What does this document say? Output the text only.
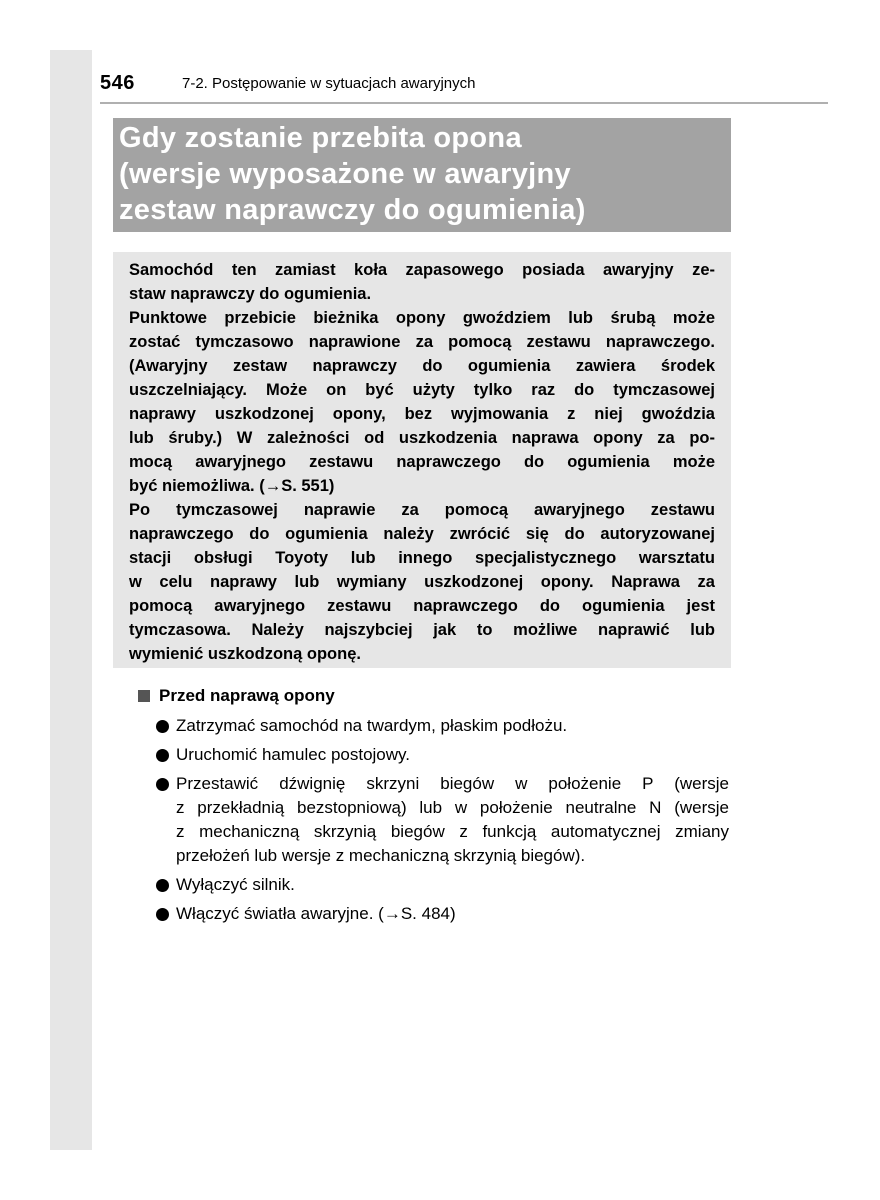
546	7-2. Postępowanie w sytuacjach awaryjnych
Gdy zostanie przebita opona
(wersje wyposażone w awaryjny
zestaw naprawczy do ogumienia)
Samochód ten zamiast koła zapasowego posiada awaryjny ze-
staw naprawczy do ogumienia.
Punktowe przebicie bieżnika opony gwoździem lub śrubą może
zostać tymczasowo naprawione za pomocą zestawu naprawczego.
(Awaryjny zestaw naprawczy do ogumienia zawiera środek
uszczelniający. Może on być użyty tylko raz do tymczasowej
naprawy uszkodzonej opony, bez wyjmowania z niej gwoździa
lub śruby.) W zależności od uszkodzenia naprawa opony za po-
mocą awaryjnego zestawu naprawczego do ogumienia może
być niemożliwa. (→S. 551)
Po tymczasowej naprawie za pomocą awaryjnego zestawu
naprawczego do ogumienia należy zwrócić się do autoryzowanej
stacji obsługi Toyoty lub innego specjalistycznego warsztatu
w celu naprawy lub wymiany uszkodzonej opony. Naprawa za
pomocą awaryjnego zestawu naprawczego do ogumienia jest
tymczasowa. Należy najszybciej jak to możliwe naprawić lub
wymienić uszkodzoną oponę.
Przed naprawą opony
Zatrzymać samochód na twardym, płaskim podłożu.
Uruchomić hamulec postojowy.
Przestawić dźwignię skrzyni biegów w położenie P (wersje
z przekładnią bezstopniową) lub w położenie neutralne N (wersje
z mechaniczną skrzynią biegów z funkcją automatycznej zmiany
przełożeń lub wersje z mechaniczną skrzynią biegów).
Wyłączyć silnik.
Włączyć światła awaryjne. (→S. 484)
